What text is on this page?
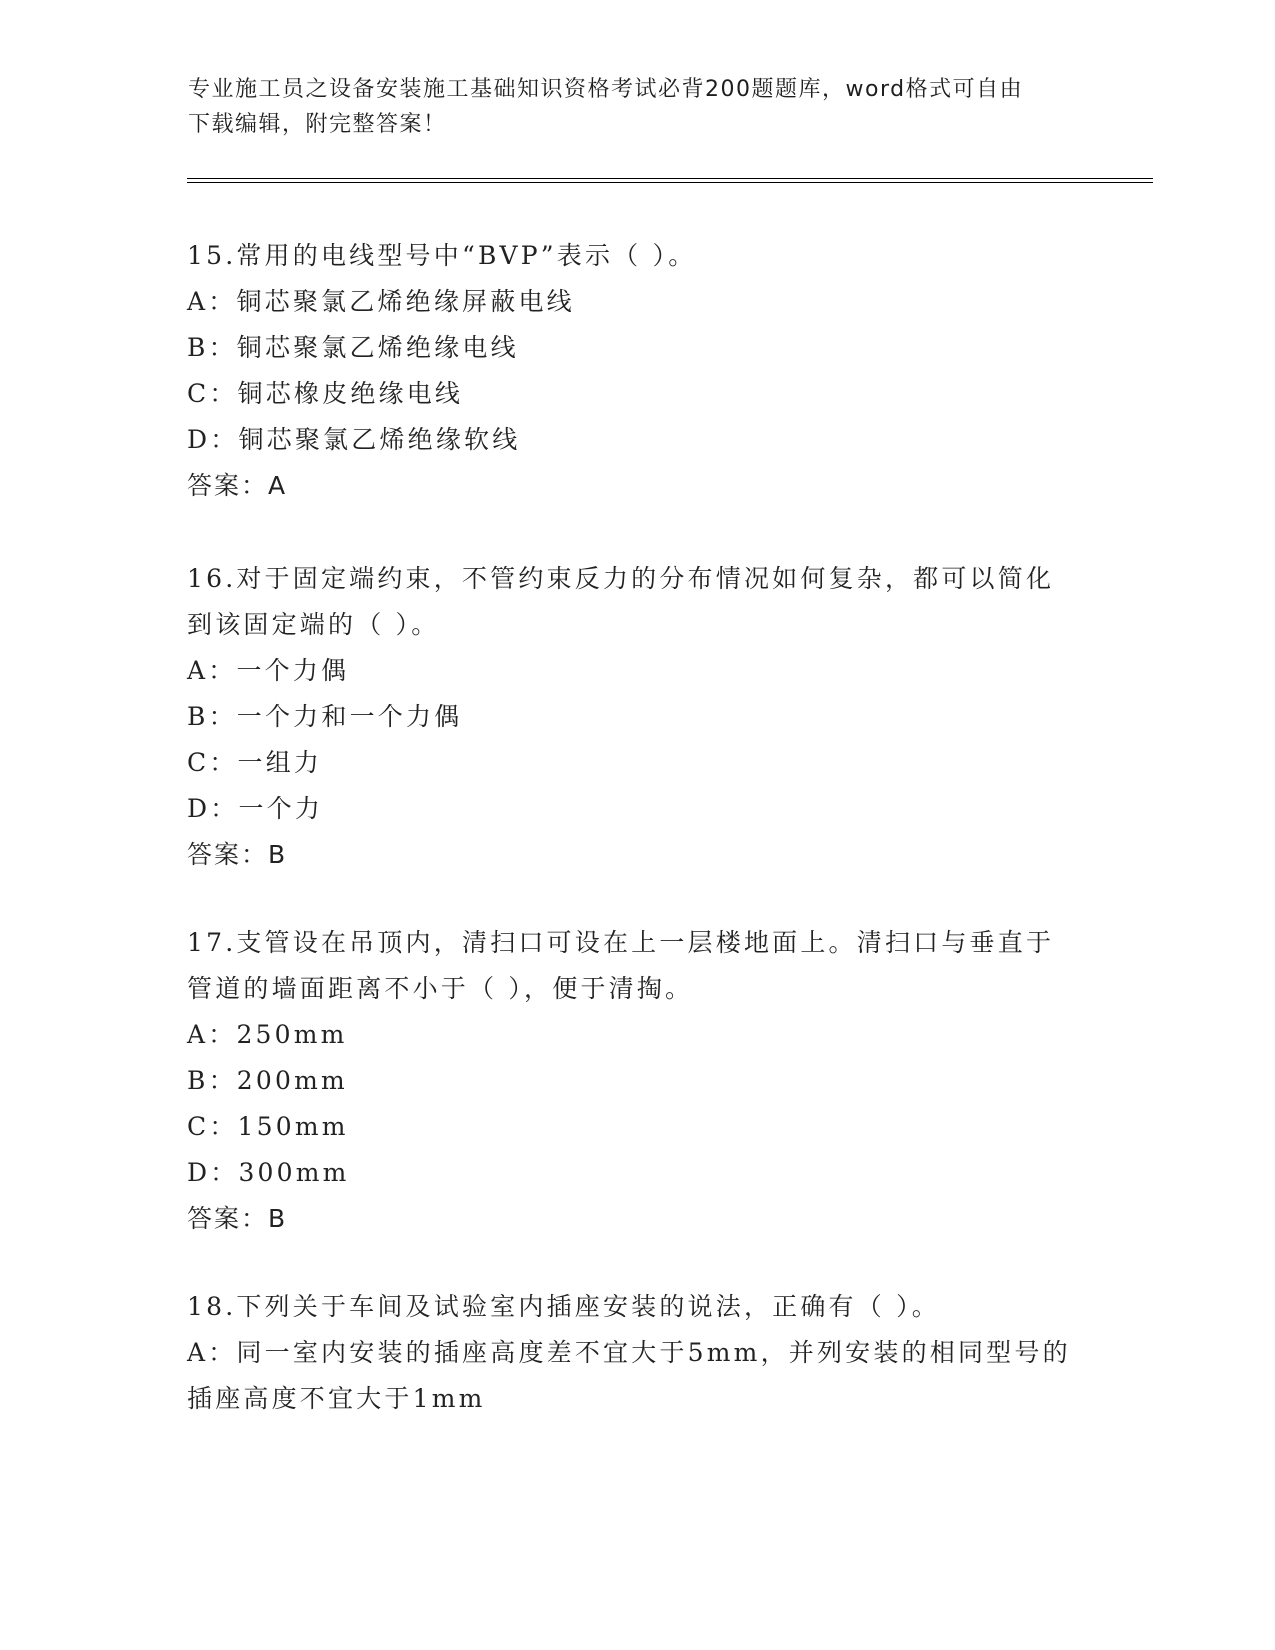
专业施工员之设备安装施工基础知识资格考试必背200题题库，word格式可自由
下载编辑，附完整答案！
15.常用的电线型号中“BVP”表示（ ）。
A：铜芯聚氯乙烯绝缘屏蔽电线
B：铜芯聚氯乙烯绝缘电线
C：铜芯橡皮绝缘电线
D：铜芯聚氯乙烯绝缘软线
答案：A
16.对于固定端约束，不管约束反力的分布情况如何复杂，都可以简化
到该固定端的（ ）。
A：一个力偶
B：一个力和一个力偶
C：一组力
D：一个力
答案：B
17.支管设在吊顶内，清扫口可设在上一层楼地面上。清扫口与垂直于
管道的墙面距离不小于（ ），便于清掏。
A：250mm
B：200mm
C：150mm
D：300mm
答案：B
18.下列关于车间及试验室内插座安装的说法，正确有（ ）。
A：同一室内安装的插座高度差不宜大于5mm，并列安装的相同型号的
插座高度不宜大于1mm
